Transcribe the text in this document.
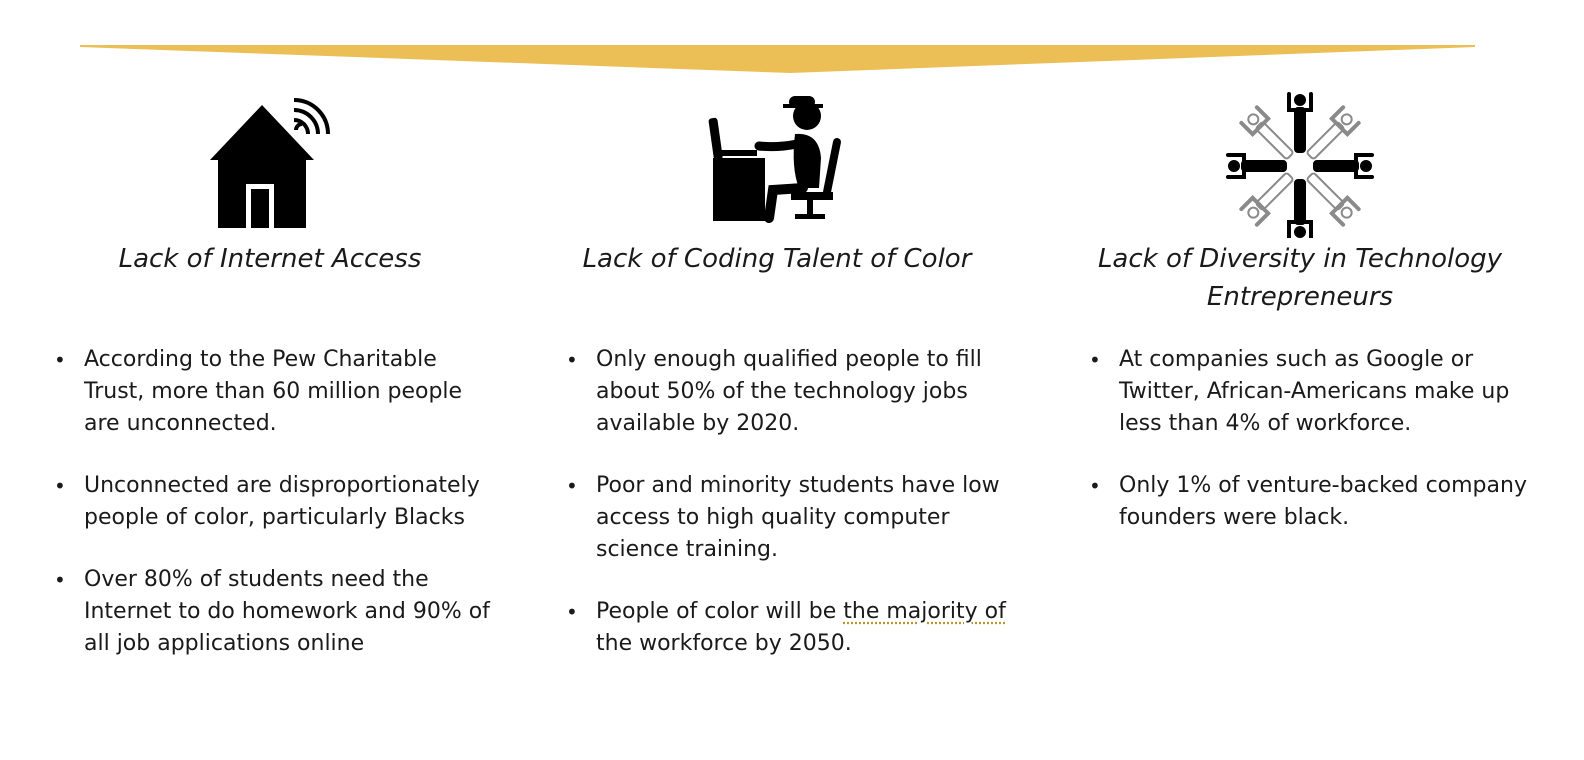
Lack of Internet Access
• According to the Pew Charitable Trust, more than 60 million people are unconnected.
• Unconnected are disproportionately people of color, particularly Blacks
• Over 80% of students need the Internet to do homework and 90% of all job applications online
Lack of Coding Talent of Color
• Only enough qualified people to fill about 50% of the technology jobs available by 2020.
• Poor and minority students have low access to high quality computer science training.
• People of color will be the majority of the workforce by 2050.
Lack of Diversity in Technology Entrepreneurs
• At companies such as Google or Twitter, African-Americans make up less than 4% of workforce.
• Only 1% of venture-backed company founders were black.
